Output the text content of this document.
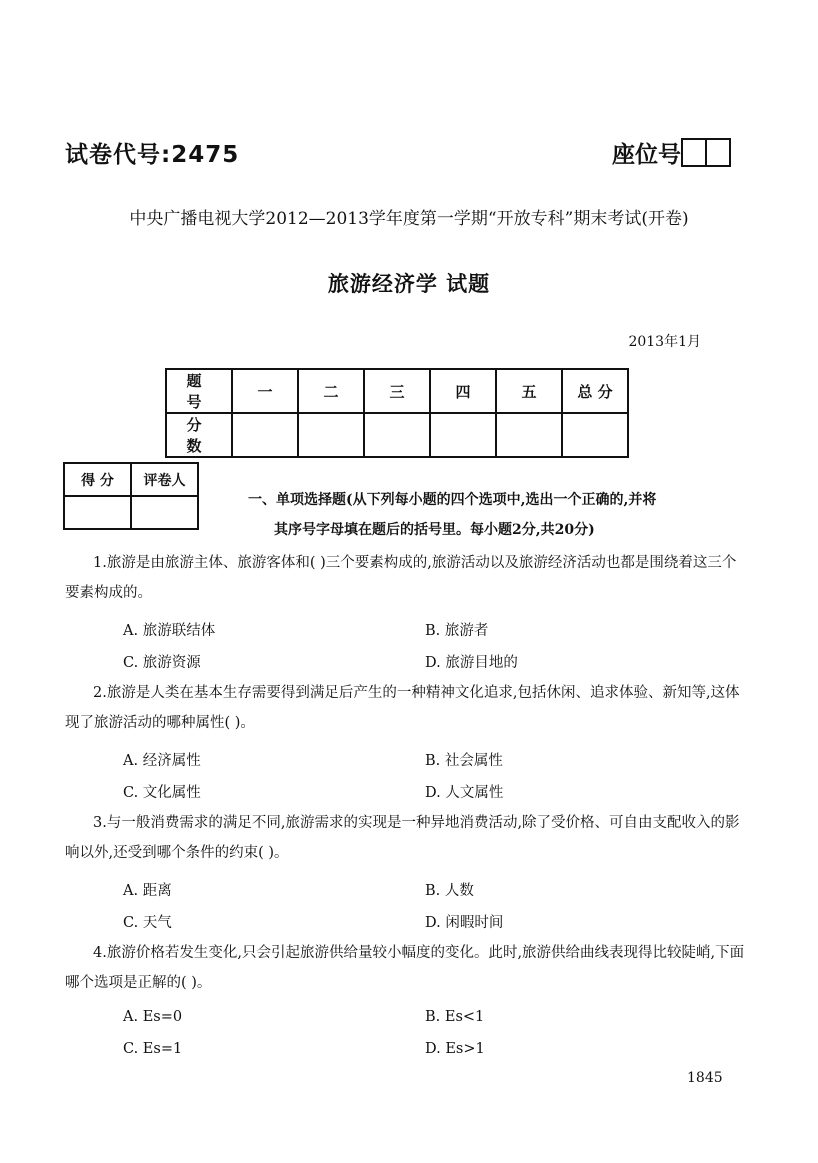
试卷代号:2475	座位号
中央广播电视大学2012—2013学年度第一学期“开放专科”期末考试(开卷)
旅游经济学 试题
2013年1月
题 号	一	二	三	四	五	总 分
分 数						
得 分	评卷人

一、单项选择题(从下列每小题的四个选项中,选出一个正确的,并将
其序号字母填在题后的括号里。每小题2分,共20分)
1.旅游是由旅游主体、旅游客体和( )三个要素构成的,旅游活动以及旅游经济活动也都是围绕着这三个要素构成的。
A. 旅游联结体	B. 旅游者
C. 旅游资源	D. 旅游目地的
2.旅游是人类在基本生存需要得到满足后产生的一种精神文化追求,包括休闲、追求体验、新知等,这体现了旅游活动的哪种属性( )。
A. 经济属性	B. 社会属性
C. 文化属性	D. 人文属性
3.与一般消费需求的满足不同,旅游需求的实现是一种异地消费活动,除了受价格、可自由支配收入的影响以外,还受到哪个条件的约束( )。
A. 距离	B. 人数
C. 天气	D. 闲暇时间
4.旅游价格若发生变化,只会引起旅游供给量较小幅度的变化。此时,旅游供给曲线表现得比较陡峭,下面哪个选项是正解的( )。
A. Es=0	B. Es<1
C. Es=1	D. Es>1
1845
